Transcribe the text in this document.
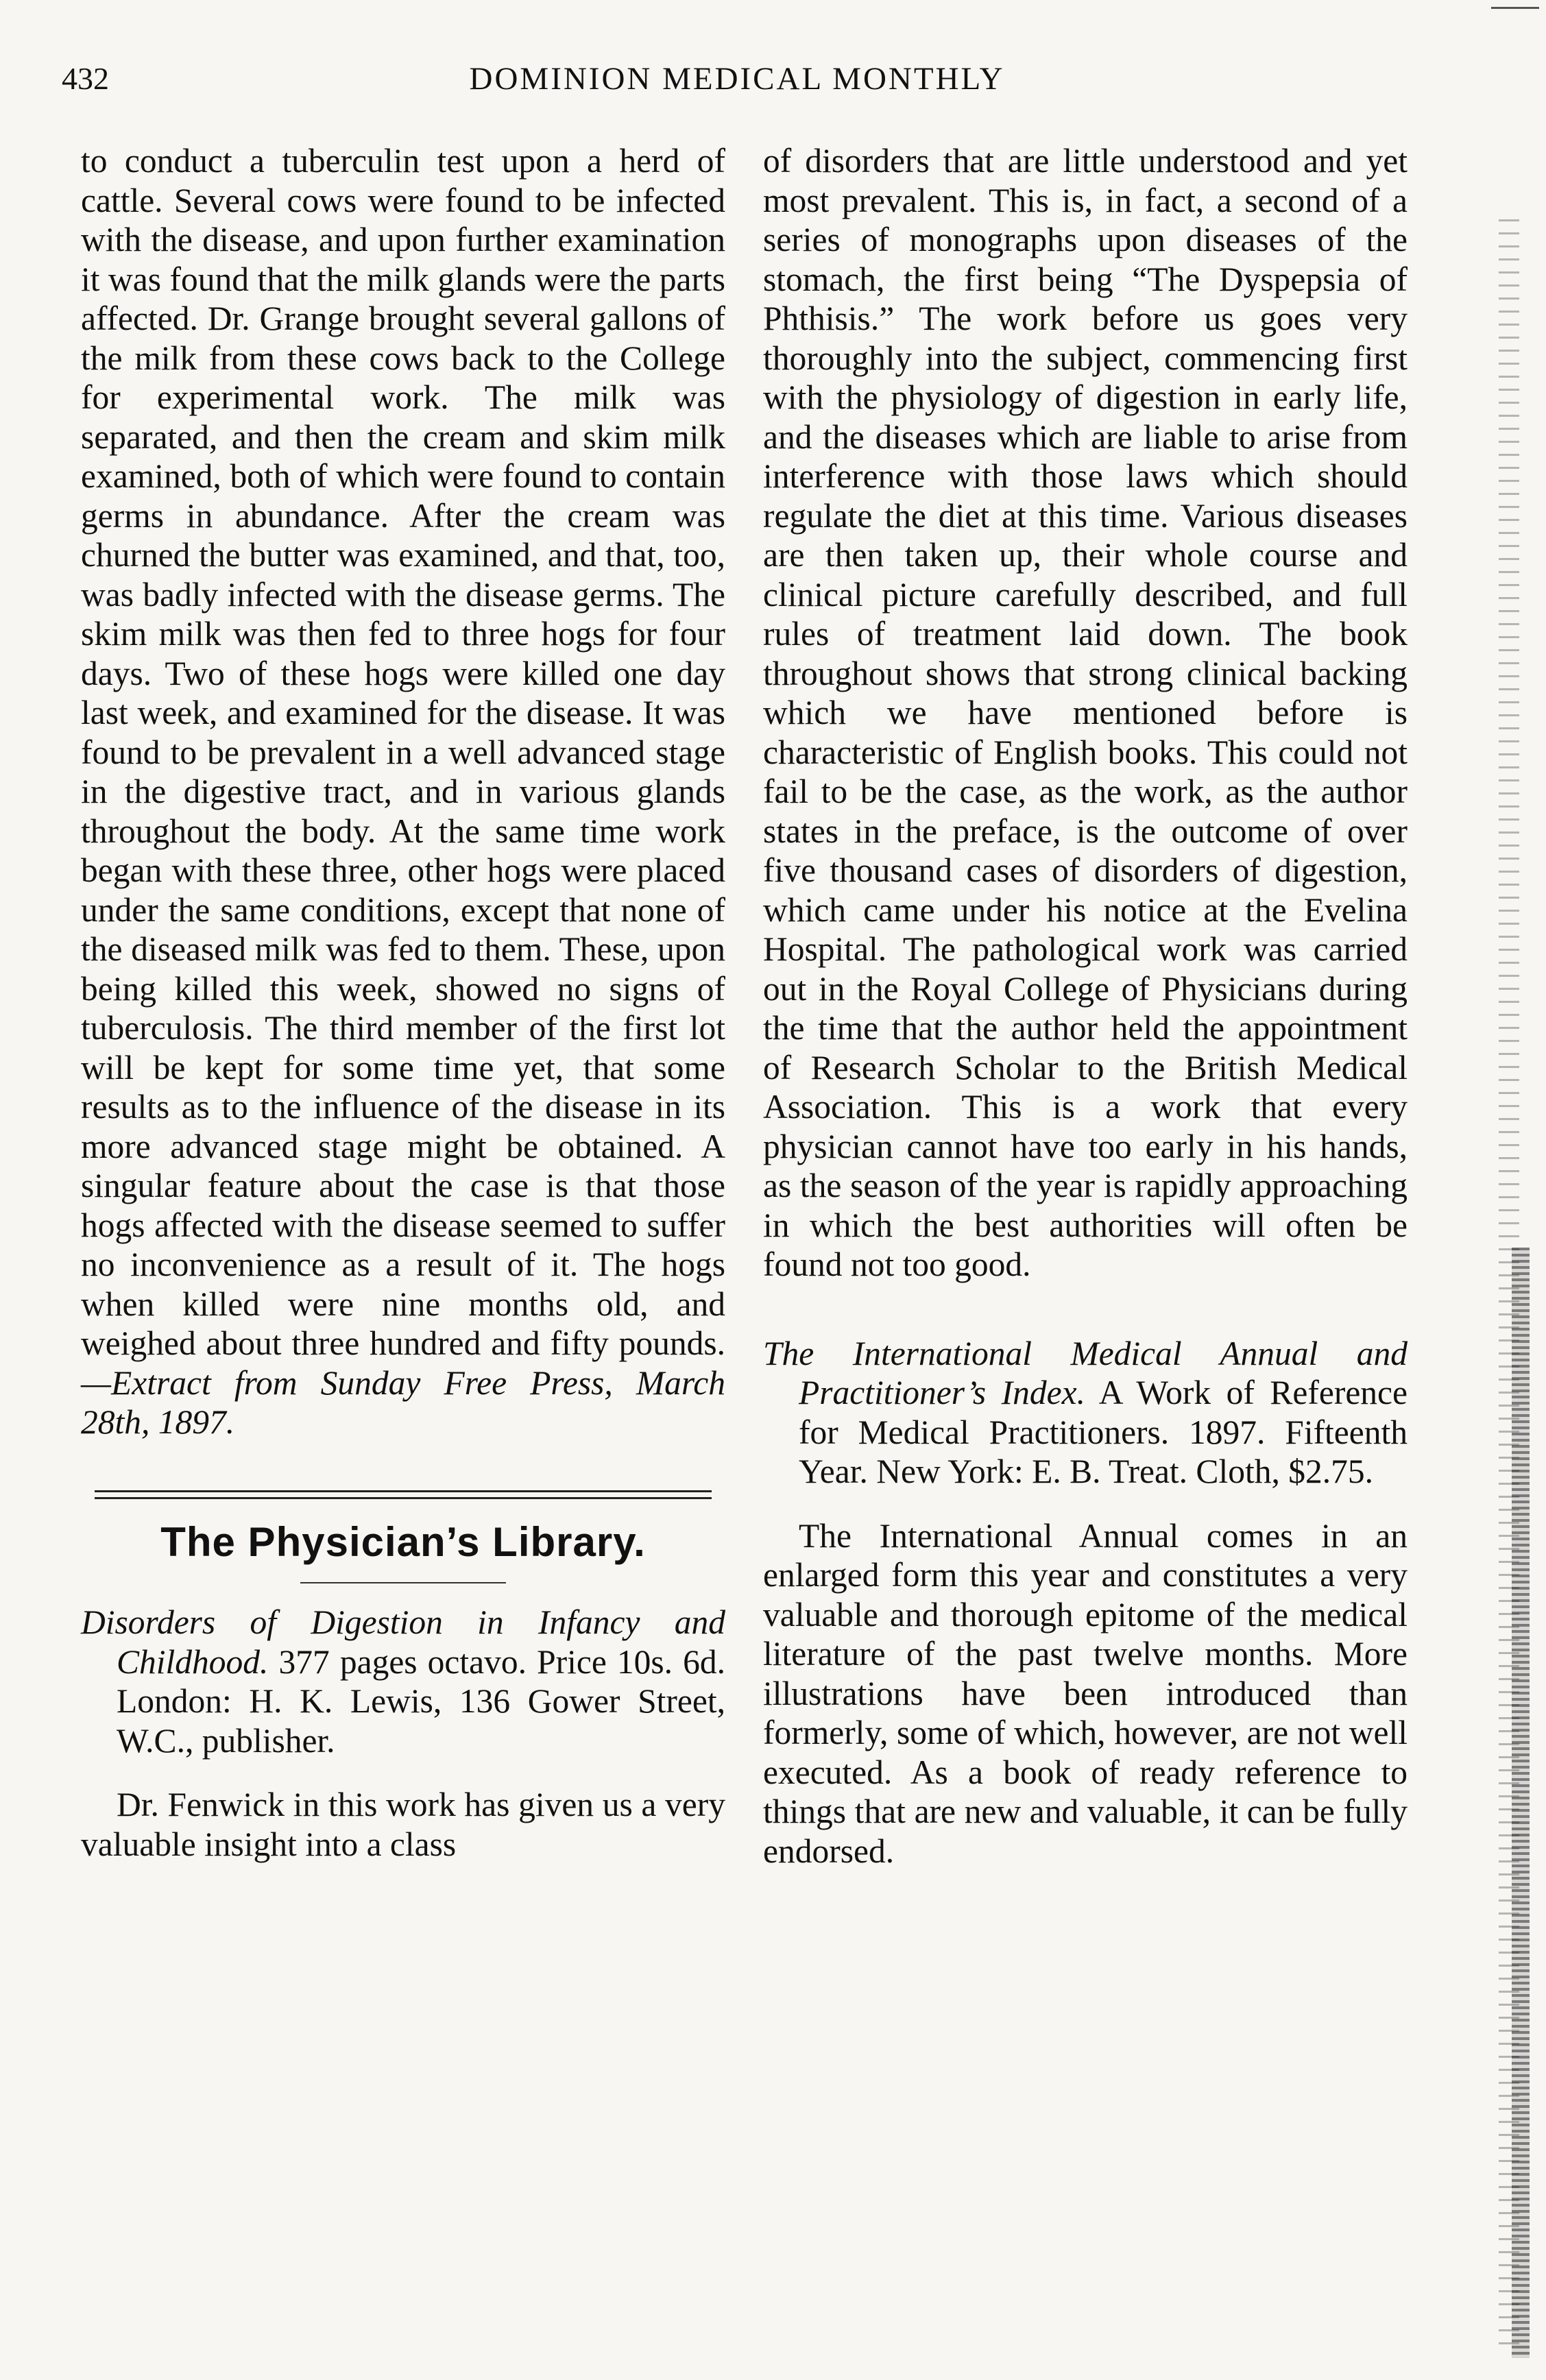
432	DOMINION MEDICAL MONTHLY

to conduct a tuberculin test upon a herd of cattle. Several cows were found to be infected with the disease, and upon further examination it was found that the milk glands were the parts affected. Dr. Grange brought several gallons of the milk from these cows back to the College for experimental work. The milk was separated, and then the cream and skim milk examined, both of which were found to contain germs in abundance. After the cream was churned the butter was examined, and that, too, was badly infected with the disease germs. The skim milk was then fed to three hogs for four days. Two of these hogs were killed one day last week, and examined for the disease. It was found to be prevalent in a well advanced stage in the digestive tract, and in various glands throughout the body. At the same time work began with these three, other hogs were placed under the same conditions, except that none of the diseased milk was fed to them. These, upon being killed this week, showed no signs of tuberculosis. The third member of the first lot will be kept for some time yet, that some results as to the influence of the disease in its more advanced stage might be obtained. A singular feature about the case is that those hogs affected with the disease seemed to suffer no inconvenience as a result of it. The hogs when killed were nine months old, and weighed about three hundred and fifty pounds.—Extract from Sunday Free Press, March 28th, 1897.

The Physician’s Library.

Disorders of Digestion in Infancy and Childhood. 377 pages octavo. Price 10s. 6d. London: H. K. Lewis, 136 Gower Street, W.C., publisher.

Dr. Fenwick in this work has given us a very valuable insight into a class

of disorders that are little understood and yet most prevalent. This is, in fact, a second of a series of monographs upon diseases of the stomach, the first being “The Dyspepsia of Phthisis.” The work before us goes very thoroughly into the subject, commencing first with the physiology of digestion in early life, and the diseases which are liable to arise from interference with those laws which should regulate the diet at this time. Various diseases are then taken up, their whole course and clinical picture carefully described, and full rules of treatment laid down. The book throughout shows that strong clinical backing which we have mentioned before is characteristic of English books. This could not fail to be the case, as the work, as the author states in the preface, is the outcome of over five thousand cases of disorders of digestion, which came under his notice at the Evelina Hospital. The pathological work was carried out in the Royal College of Physicians during the time that the author held the appointment of Research Scholar to the British Medical Association. This is a work that every physician cannot have too early in his hands, as the season of the year is rapidly approaching in which the best authorities will often be found not too good.

The International Medical Annual and Practitioner’s Index. A Work of Reference for Medical Practitioners. 1897. Fifteenth Year. New York: E. B. Treat. Cloth, $2.75.

The International Annual comes in an enlarged form this year and constitutes a very valuable and thorough epitome of the medical literature of the past twelve months. More illustrations have been introduced than formerly, some of which, however, are not well executed. As a book of ready reference to things that are new and valuable, it can be fully endorsed.
